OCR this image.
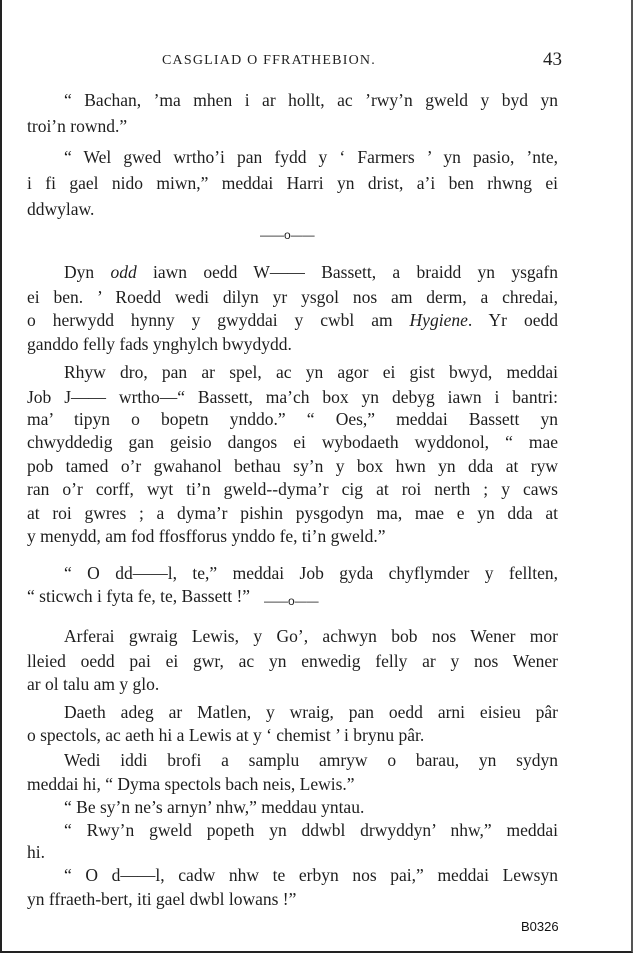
CASGLIAD O FFRATHEBION.	43
——o——
——o——
“ Bachan, ’ma mhen i ar hollt, ac ’rwy’n gweld y byd yn
troi’n rownd.”
“ Wel gwed wrtho’i pan fydd y ‘ Farmers ’ yn pasio, ’nte,
i fi gael nido miwn,” meddai Harri yn drist, a’i ben rhwng ei
ddwylaw.
Dyn odd iawn oedd W—— Bassett, a braidd yn ysgafn
ei ben. ’ Roedd wedi dilyn yr ysgol nos am derm, a chredai,
o herwydd hynny y gwyddai y cwbl am Hygiene. Yr oedd
ganddo felly fads ynghylch bwydydd.
Rhyw dro, pan ar spel, ac yn agor ei gist bwyd, meddai
Job J—— wrtho—“ Bassett, ma’ch box yn debyg iawn i bantri:
ma’ tipyn o bopetn ynddo.” “ Oes,” meddai Bassett yn
chwyddedig gan geisio dangos ei wybodaeth wyddonol, “ mae
pob tamed o’r gwahanol bethau sy’n y box hwn yn dda at ryw
ran o’r corff, wyt ti’n gweld--dyma’r cig at roi nerth ; y caws
at roi gwres ; a dyma’r pishin pysgodyn ma, mae e yn dda at
y menydd, am fod ffosfforus ynddo fe, ti’n gweld.”
“ O dd——l, te,” meddai Job gyda chyflymder y fellten,
“ sticwch i fyta fe, te, Bassett !”
Arferai gwraig Lewis, y Go’, achwyn bob nos Wener mor
lleied oedd pai ei gwr, ac yn enwedig felly ar y nos Wener
ar ol talu am y glo.
Daeth adeg ar Matlen, y wraig, pan oedd arni eisieu pâr
o spectols, ac aeth hi a Lewis at y ‘ chemist ’ i brynu pâr.
Wedi iddi brofi a samplu amryw o barau, yn sydyn
meddai hi, “ Dyma spectols bach neis, Lewis.”
“ Be sy’n ne’s arnyn’ nhw,” meddau yntau.
“ Rwy’n gweld popeth yn ddwbl drwyddyn’ nhw,” meddai
hi.
“ O d——l, cadw nhw te erbyn nos pai,” meddai Lewsyn
yn ffraeth-bert, iti gael dwbl lowans !”
B0326
